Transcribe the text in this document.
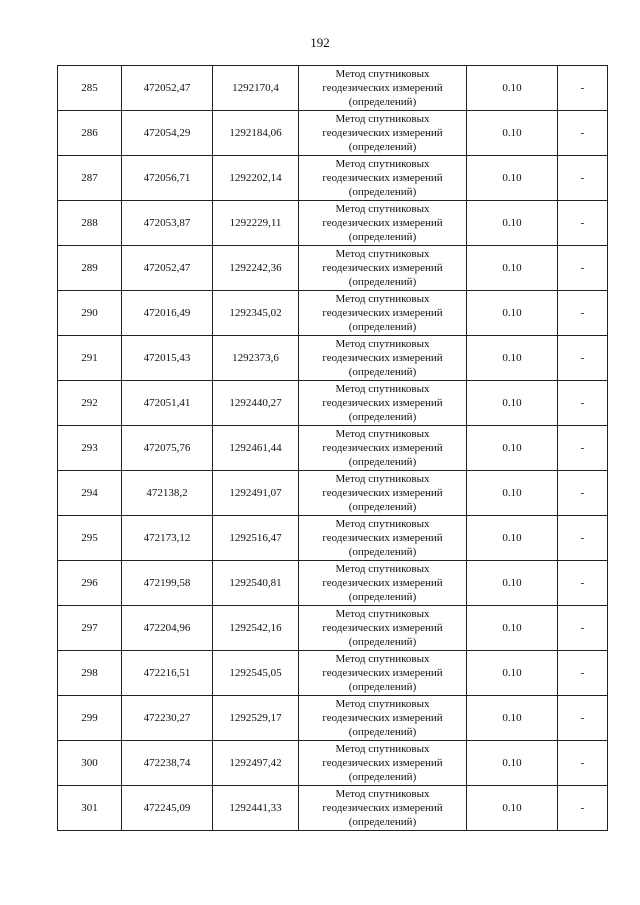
192
285	472052,47	1292170,4	Метод спутниковых
геодезических измерений
(определений)	0.10	-
286	472054,29	1292184,06	Метод спутниковых
геодезических измерений
(определений)	0.10	-
287	472056,71	1292202,14	Метод спутниковых
геодезических измерений
(определений)	0.10	-
288	472053,87	1292229,11	Метод спутниковых
геодезических измерений
(определений)	0.10	-
289	472052,47	1292242,36	Метод спутниковых
геодезических измерений
(определений)	0.10	-
290	472016,49	1292345,02	Метод спутниковых
геодезических измерений
(определений)	0.10	-
291	472015,43	1292373,6	Метод спутниковых
геодезических измерений
(определений)	0.10	-
292	472051,41	1292440,27	Метод спутниковых
геодезических измерений
(определений)	0.10	-
293	472075,76	1292461,44	Метод спутниковых
геодезических измерений
(определений)	0.10	-
294	472138,2	1292491,07	Метод спутниковых
геодезических измерений
(определений)	0.10	-
295	472173,12	1292516,47	Метод спутниковых
геодезических измерений
(определений)	0.10	-
296	472199,58	1292540,81	Метод спутниковых
геодезических измерений
(определений)	0.10	-
297	472204,96	1292542,16	Метод спутниковых
геодезических измерений
(определений)	0.10	-
298	472216,51	1292545,05	Метод спутниковых
геодезических измерений
(определений)	0.10	-
299	472230,27	1292529,17	Метод спутниковых
геодезических измерений
(определений)	0.10	-
300	472238,74	1292497,42	Метод спутниковых
геодезических измерений
(определений)	0.10	-
301	472245,09	1292441,33	Метод спутниковых
геодезических измерений
(определений)	0.10	-
